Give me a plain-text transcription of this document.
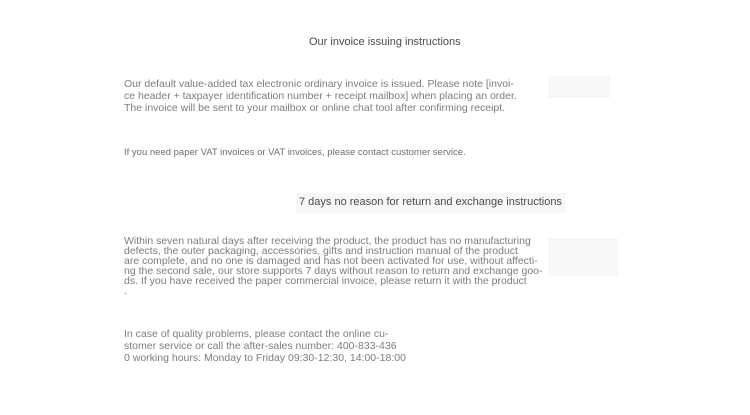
Our invoice issuing instructions
Our default value-added tax electronic ordinary invoice is issued. Please note [invoi-
ce header + taxpayer identification number + receipt mailbox] when placing an order.
The invoice will be sent to your mailbox or online chat tool after confirming receipt.
If you need paper VAT invoices or VAT invoices, please contact customer service.
7 days no reason for return and exchange instructions
Within seven natural days after receiving the product, the product has no manufacturing
defects, the outer packaging, accessories, gifts and instruction manual of the product
are complete, and no one is damaged and has not been activated for use, without affecti-
ng the second sale, our store supports 7 days without reason to return and exchange goo-
ds. If you have received the paper commercial invoice, please return it with the product
.
In case of quality problems, please contact the online cu-
stomer service or call the after-sales number: 400-833-436
0 working hours: Monday to Friday 09:30-12:30, 14:00-18:00
